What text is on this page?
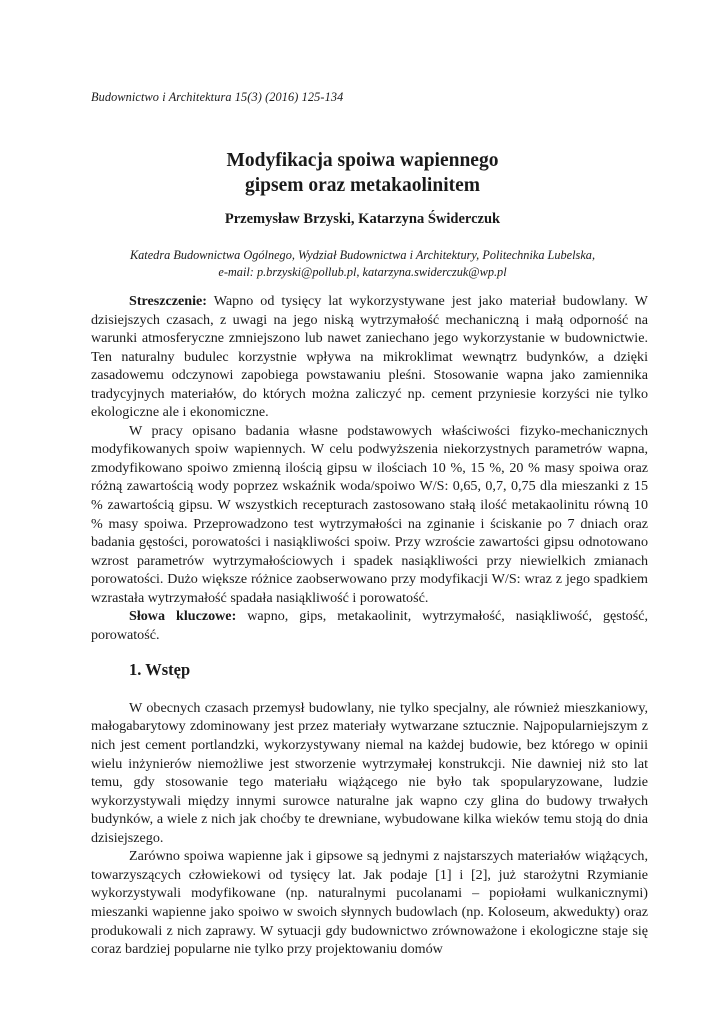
Budownictwo i Architektura 15(3) (2016) 125-134
Modyfikacja spoiwa wapiennego
gipsem oraz metakaolinitem
Przemysław Brzyski, Katarzyna Świderczuk
Katedra Budownictwa Ogólnego, Wydział Budownictwa i Architektury, Politechnika Lubelska,
e-mail: p.brzyski@pollub.pl, katarzyna.swiderczuk@wp.pl

Streszczenie: Wapno od tysięcy lat wykorzystywane jest jako materiał budowlany. W dzisiejszych czasach, z uwagi na jego niską wytrzymałość mechaniczną i małą odporność na warunki atmosferyczne zmniejszono lub nawet zaniechano jego wykorzystanie w budownictwie. Ten naturalny budulec korzystnie wpływa na mikroklimat wewnątrz budynków, a dzięki zasadowemu odczynowi zapobiega powstawaniu pleśni. Stosowanie wapna jako zamiennika tradycyjnych materiałów, do których można zaliczyć np. cement przyniesie korzyści nie tylko ekologiczne ale i ekonomiczne.

W pracy opisano badania własne podstawowych właściwości fizyko-mechanicznych modyfikowanych spoiw wapiennych. W celu podwyższenia niekorzystnych parametrów wapna, zmodyfikowano spoiwo zmienną ilością gipsu w ilościach 10 %, 15 %, 20 % masy spoiwa oraz różną zawartością wody poprzez wskaźnik woda/spoiwo W/S: 0,65, 0,7, 0,75 dla mieszanki z 15 % zawartością gipsu. W wszystkich recepturach zastosowano stałą ilość metakaolinitu równą 10 % masy spoiwa. Przeprowadzono test wytrzymałości na zginanie i ściskanie po 7 dniach oraz badania gęstości, porowatości i nasiąkliwości spoiw. Przy wzroście zawartości gipsu odnotowano wzrost parametrów wytrzymałościowych i spadek nasiąkliwości przy niewielkich zmianach porowatości. Dużo większe różnice zaobserwowano przy modyfikacji W/S: wraz z jego spadkiem wzrastała wytrzymałość spadała nasiąkliwość i porowatość.

Słowa kluczowe: wapno, gips, metakaolinit, wytrzymałość, nasiąkliwość, gęstość, porowatość.

1. Wstęp

W obecnych czasach przemysł budowlany, nie tylko specjalny, ale również mieszkaniowy, małogabarytowy zdominowany jest przez materiały wytwarzane sztucznie. Najpopularniejszym z nich jest cement portlandzki, wykorzystywany niemal na każdej budowie, bez którego w opinii wielu inżynierów niemożliwe jest stworzenie wytrzymałej konstrukcji. Nie dawniej niż sto lat temu, gdy stosowanie tego materiału wiążącego nie było tak spopularyzowane, ludzie wykorzystywali między innymi surowce naturalne jak wapno czy glina do budowy trwałych budynków, a wiele z nich jak choćby te drewniane, wybudowane kilka wieków temu stoją do dnia dzisiejszego.

Zarówno spoiwa wapienne jak i gipsowe są jednymi z najstarszych materiałów wiążących, towarzyszących człowiekowi od tysięcy lat. Jak podaje [1] i [2], już starożytni Rzymianie wykorzystywali modyfikowane (np. naturalnymi pucolanami – popiołami wulkanicznymi) mieszanki wapienne jako spoiwo w swoich słynnych budowlach (np. Koloseum, akwedukty) oraz produkowali z nich zaprawy. W sytuacji gdy budownictwo zrównoważone i ekologiczne staje się coraz bardziej popularne nie tylko przy projektowaniu domów
